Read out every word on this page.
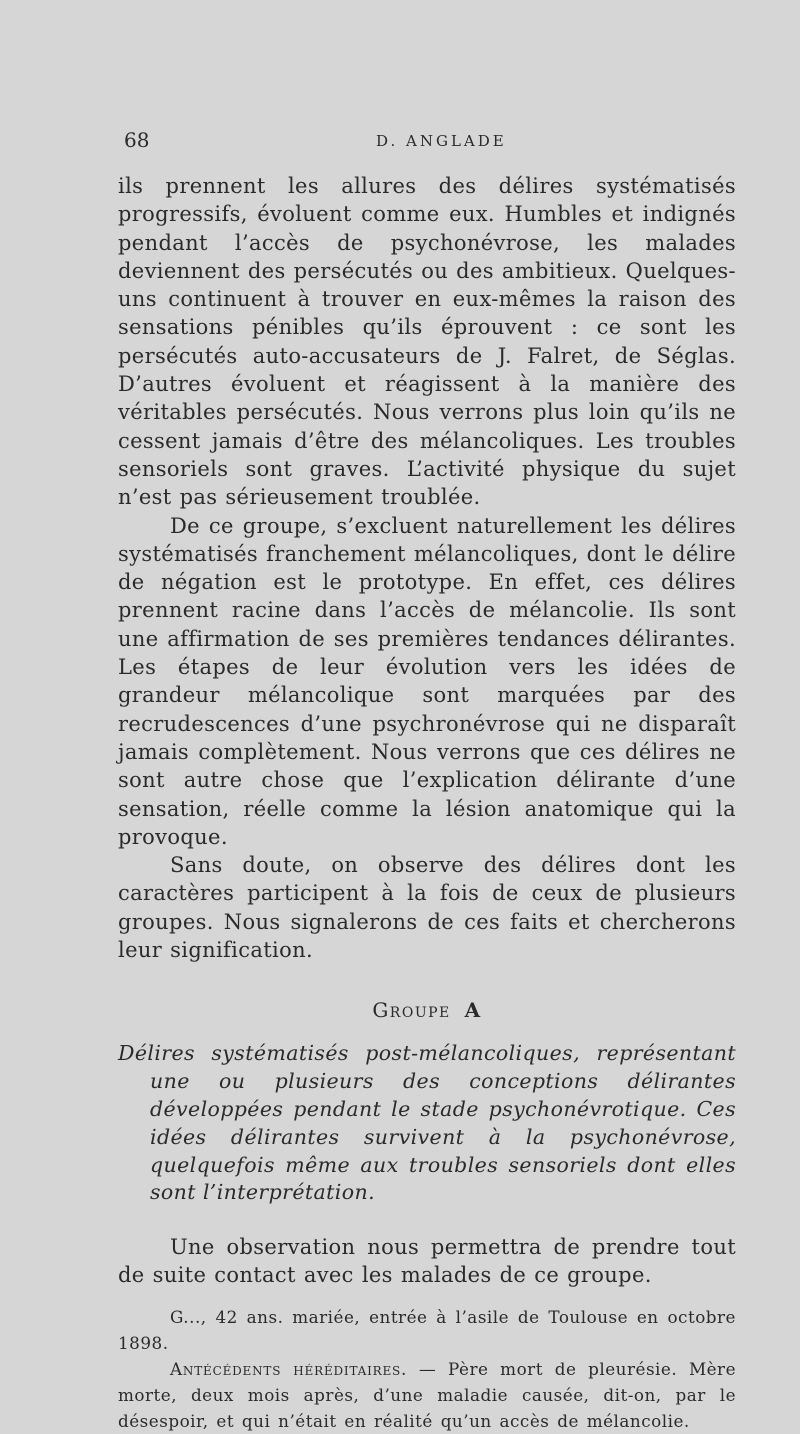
68	D. ANGLADE

ils prennent les allures des délires systématisés progressifs, évoluent comme eux. Humbles et indignés pendant l’accès de psychonévrose, les malades deviennent des persécutés ou des ambitieux. Quelques-uns continuent à trouver en eux-mêmes la raison des sensations pénibles qu’ils éprouvent : ce sont les persécutés auto-accusateurs de J. Falret, de Séglas. D’autres évoluent et réagissent à la manière des véritables persécutés. Nous verrons plus loin qu’ils ne cessent jamais d’être des mélancoliques. Les troubles sensoriels sont graves. L’activité physique du sujet n’est pas sérieusement troublée.

De ce groupe, s’excluent naturellement les délires systématisés franchement mélancoliques, dont le délire de négation est le prototype. En effet, ces délires prennent racine dans l’accès de mélancolie. Ils sont une affirmation de ses premières tendances délirantes. Les étapes de leur évolution vers les idées de grandeur mélancolique sont marquées par des recrudescences d’une psychronévrose qui ne disparaît jamais complètement. Nous verrons que ces délires ne sont autre chose que l’explication délirante d’une sensation, réelle comme la lésion anatomique qui la provoque.

Sans doute, on observe des délires dont les caractères participent à la fois de ceux de plusieurs groupes. Nous signalerons de ces faits et chercherons leur signification.

Groupe A

Délires systématisés post-mélancoliques, représentant une ou plusieurs des conceptions délirantes développées pendant le stade psychonévrotique. Ces idées délirantes survivent à la psychonévrose, quelquefois même aux troubles sensoriels dont elles sont l’interprétation.

Une observation nous permettra de prendre tout de suite contact avec les malades de ce groupe.

G..., 42 ans. mariée, entrée à l’asile de Toulouse en octobre 1898.

Antécédents héréditaires. — Père mort de pleurésie. Mère morte, deux mois après, d’une maladie causée, dit-on, par le désespoir, et qui n’était en réalité qu’un accès de mélancolie.
